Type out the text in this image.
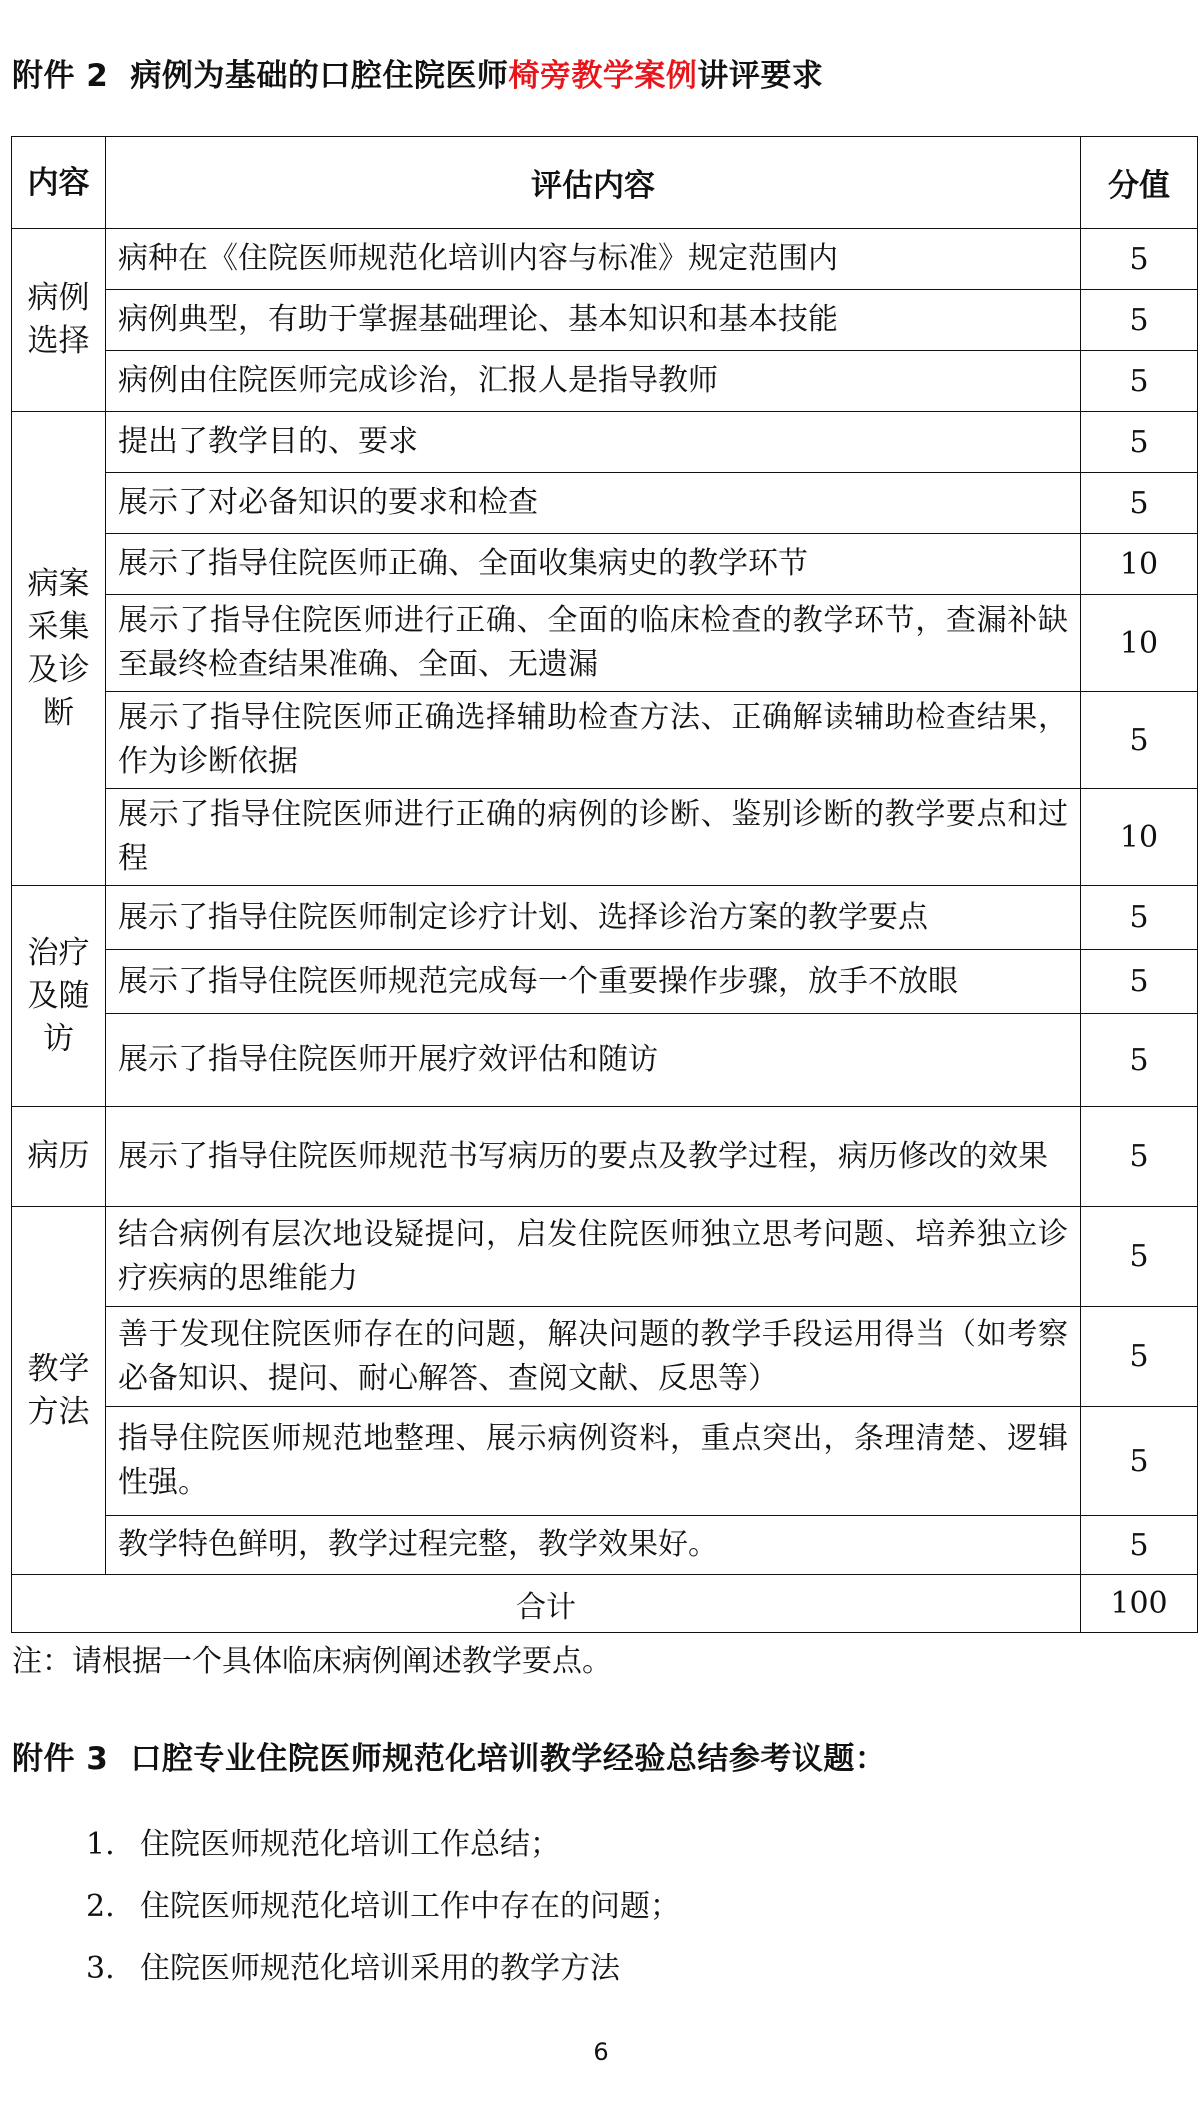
附件 2 病例为基础的口腔住院医师椅旁教学案例讲评要求
内容	评估内容	分值
病例选择	病种在《住院医师规范化培训内容与标准》规定范围内	5
	病例典型，有助于掌握基础理论、基本知识和基本技能	5
	病例由住院医师完成诊治，汇报人是指导教师	5
病案采集及诊断	提出了教学目的、要求	5
	展示了对必备知识的要求和检查	5
	展示了指导住院医师正确、全面收集病史的教学环节	10
	展示了指导住院医师进行正确、全面的临床检查的教学环节，查漏补缺至最终检查结果准确、全面、无遗漏	10
	展示了指导住院医师正确选择辅助检查方法、正确解读辅助检查结果，作为诊断依据	5
	展示了指导住院医师进行正确的病例的诊断、鉴别诊断的教学要点和过程	10
治疗及随访	展示了指导住院医师制定诊疗计划、选择诊治方案的教学要点	5
	展示了指导住院医师规范完成每一个重要操作步骤，放手不放眼	5
	展示了指导住院医师开展疗效评估和随访	5
病历	展示了指导住院医师规范书写病历的要点及教学过程，病历修改的效果	5
教学方法	结合病例有层次地设疑提问，启发住院医师独立思考问题、培养独立诊疗疾病的思维能力	5
	善于发现住院医师存在的问题，解决问题的教学手段运用得当（如考察必备知识、提问、耐心解答、查阅文献、反思等）	5
	指导住院医师规范地整理、展示病例资料，重点突出，条理清楚、逻辑性强。	5
	教学特色鲜明，教学过程完整，教学效果好。	5
合计		100

注：请根据一个具体临床病例阐述教学要点。

附件 3 口腔专业住院医师规范化培训教学经验总结参考议题：
1. 住院医师规范化培训工作总结；
2. 住院医师规范化培训工作中存在的问题；
3. 住院医师规范化培训采用的教学方法
6
